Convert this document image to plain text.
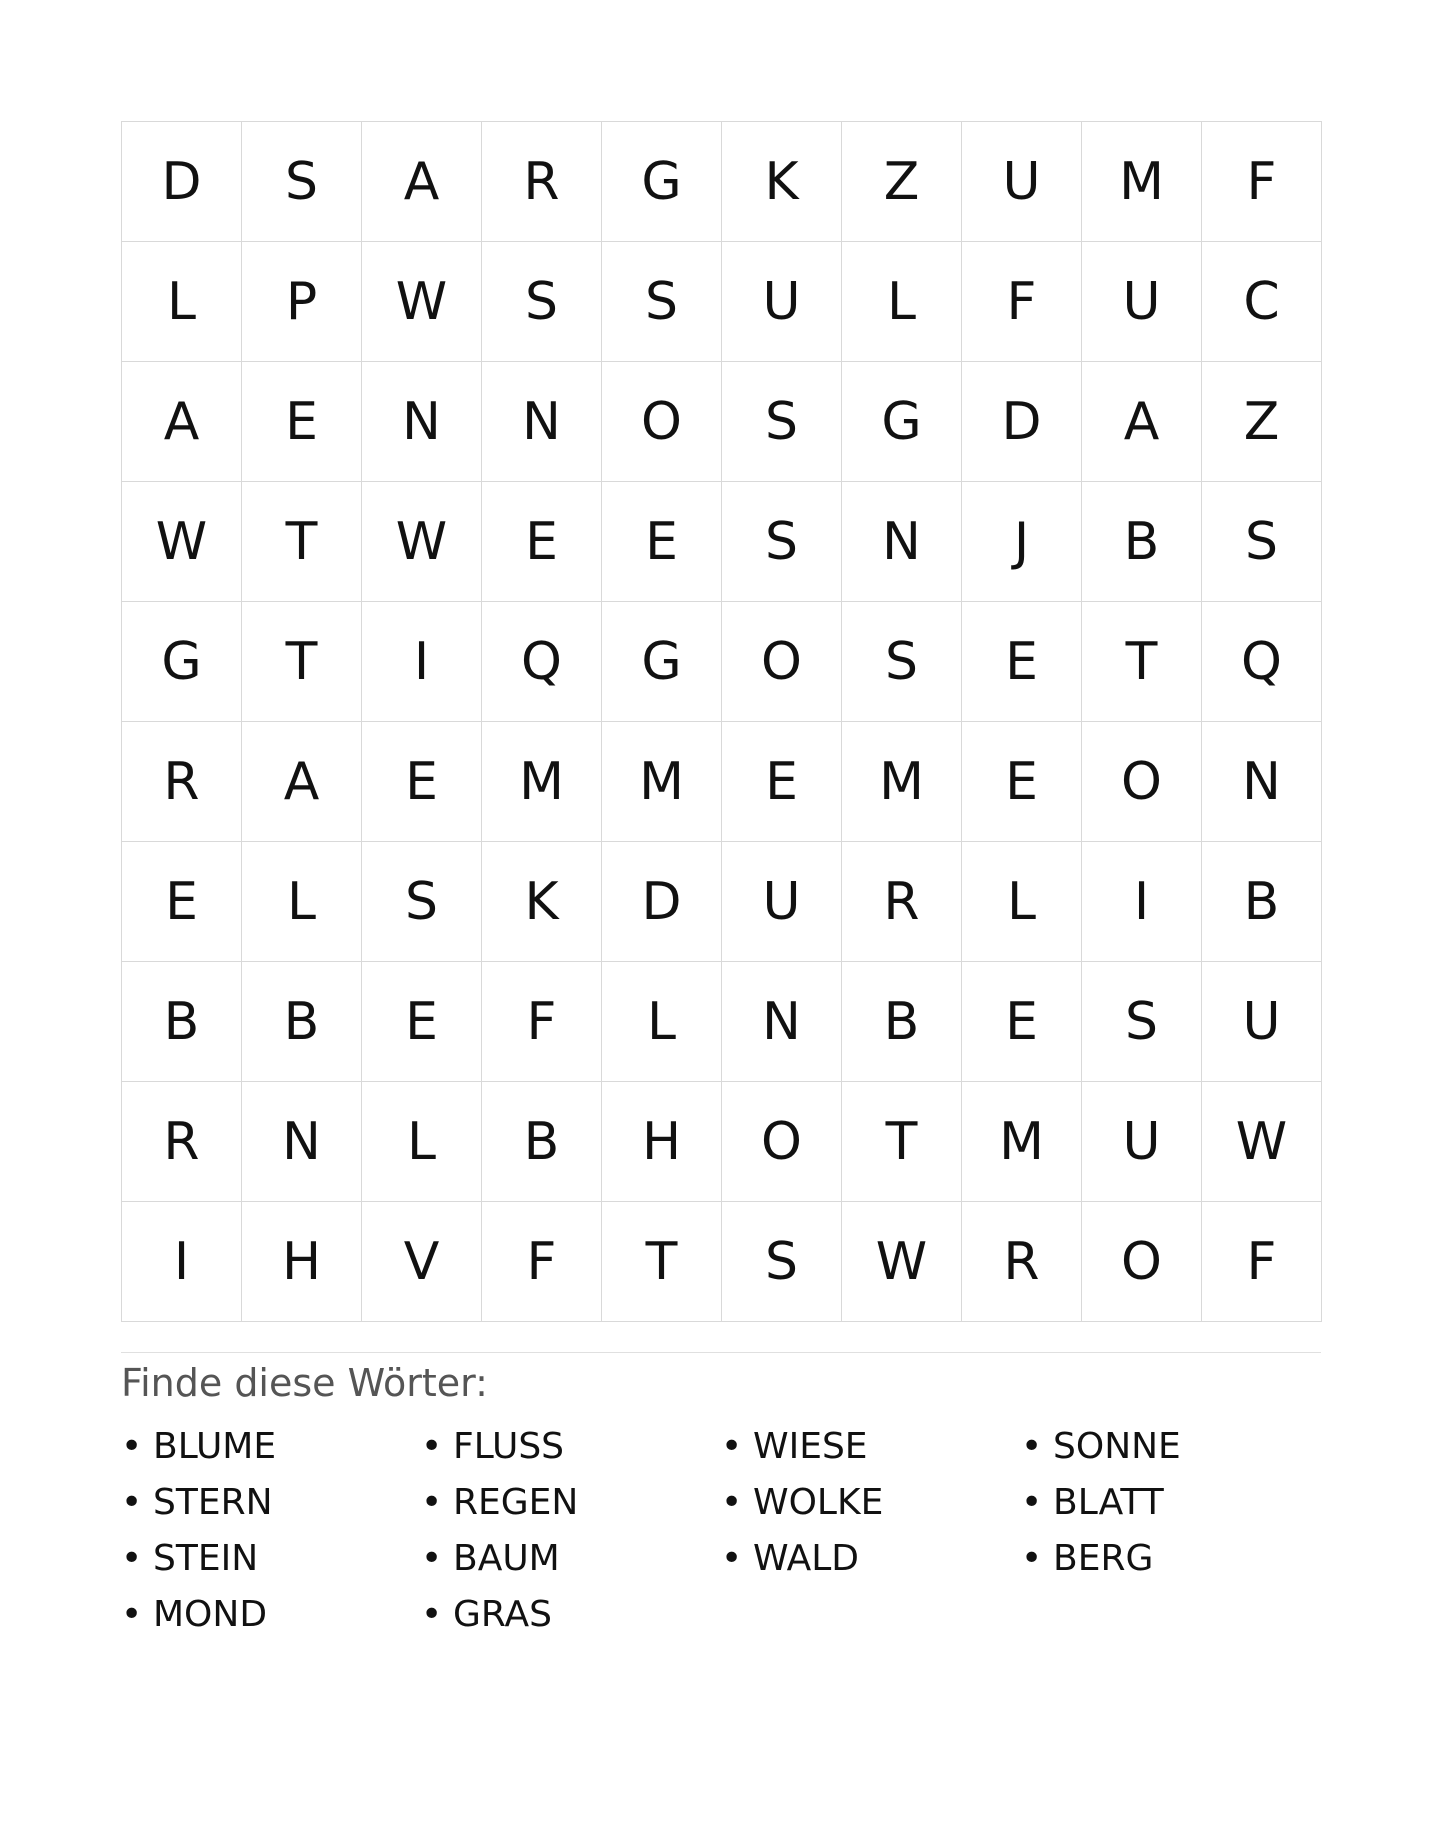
D	S	A	R	G	K	Z	U	M	F
L	P	W	S	S	U	L	F	U	C
A	E	N	N	O	S	G	D	A	Z
W	T	W	E	E	S	N	J	B	S
G	T	I	Q	G	O	S	E	T	Q
R	A	E	M	M	E	M	E	O	N
E	L	S	K	D	U	R	L	I	B
B	B	E	F	L	N	B	E	S	U
R	N	L	B	H	O	T	M	U	W
I	H	V	F	T	S	W	R	O	F
Finde diese Wörter:
• BLUME	• FLUSS	• WIESE	• SONNE
• STERN	• REGEN	• WOLKE	• BLATT
• STEIN	• BAUM	• WALD	• BERG
• MOND	• GRAS
